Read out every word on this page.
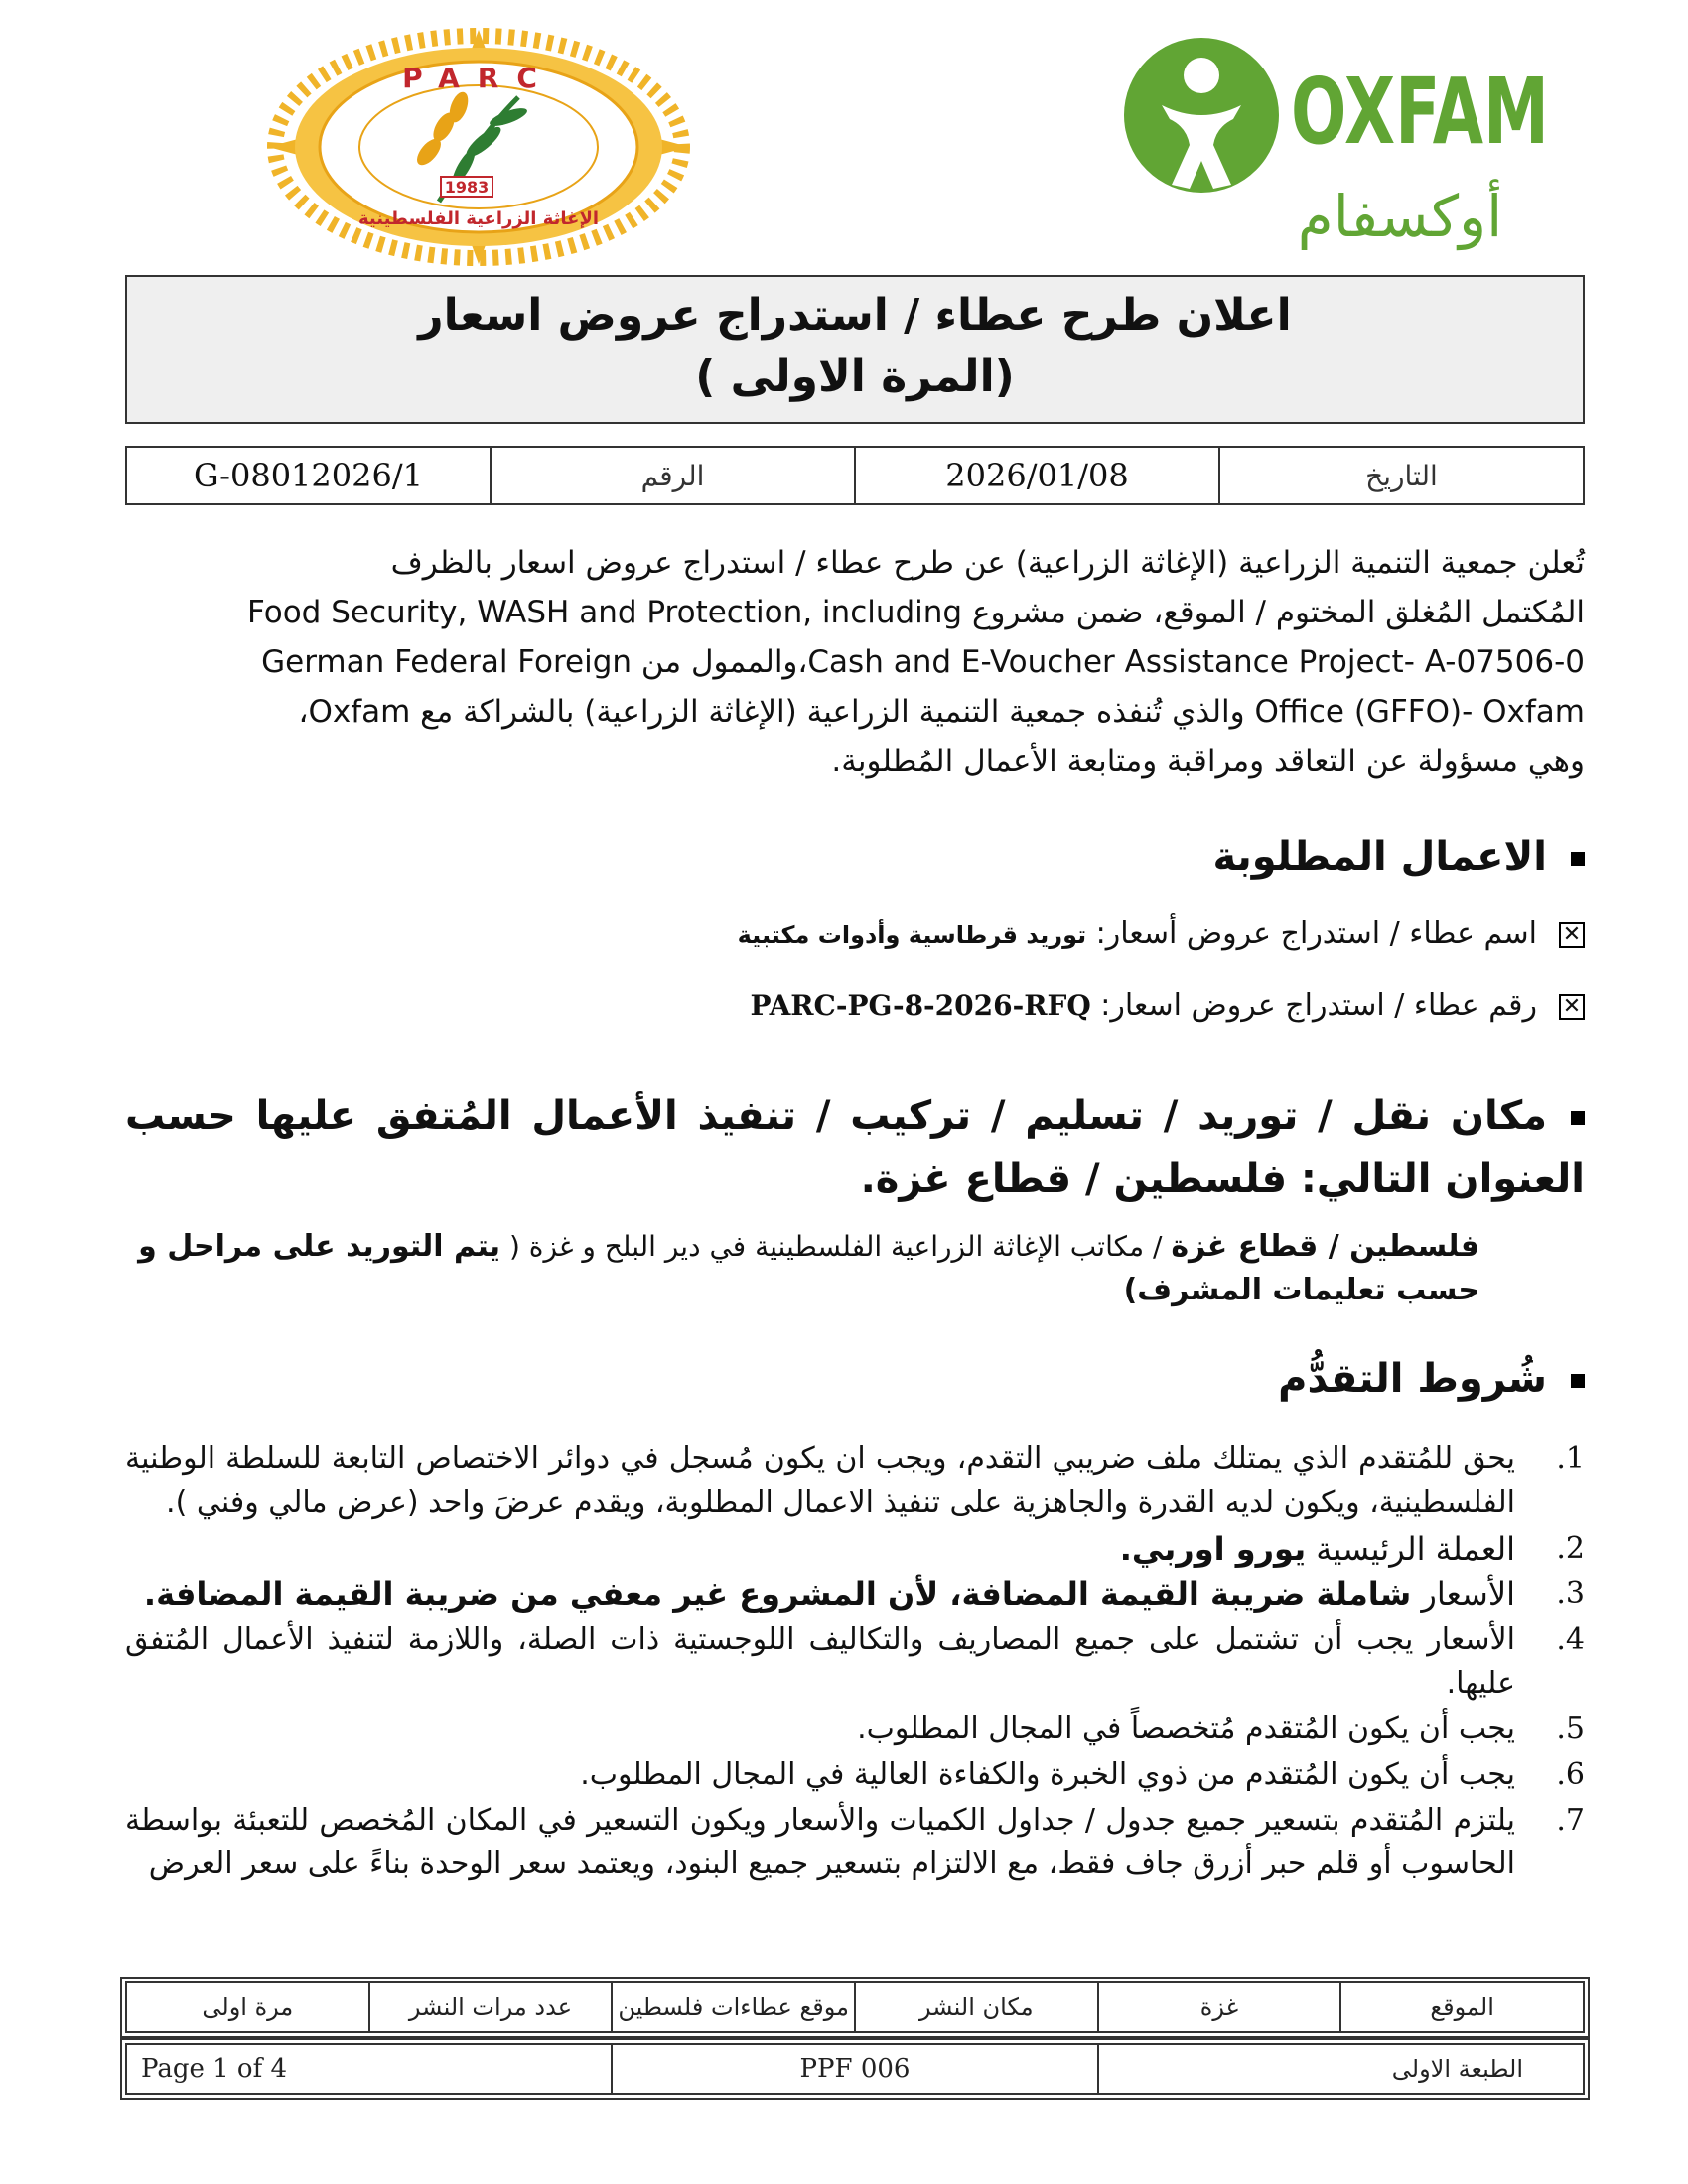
1983
PARC
الإغاثة الزراعية الفلسطينية
OXFAM
أوكسفام
اعلان طرح عطاء / استدراج عروض اسعار
(المرة الاولى )
G-08012026/1	الرقم	2026/01/08	التاريخ
تُعلن جمعية التنمية الزراعية (الإغاثة الزراعية) عن طرح عطاء / استدراج عروض اسعار بالظرف
المُكتمل المُغلق المختوم / الموقع، ضمن مشروع Food Security, WASH and Protection, including
Cash and E-Voucher Assistance Project- A-07506-0،والممول من German Federal Foreign
Office (GFFO)- Oxfam والذي تُنفذه جمعية التنمية الزراعية (الإغاثة الزراعية) بالشراكة مع Oxfam،
وهي مسؤولة عن التعاقد ومراقبة ومتابعة الأعمال المُطلوبة.
الاعمال المطلوبة
✕اسم عطاء / استدراج عروض أسعار: توريد قرطاسية وأدوات مكتبية
✕رقم عطاء / استدراج عروض اسعار: PARC-PG-8-2026-RFQ
مكان نقل / توريد / تسليم / تركيب / تنفيذ الأعمال المُتفق عليها حسب العنوان التالي: فلسطين / قطاع غزة.
فلسطين / قطاع غزة / مكاتب الإغاثة الزراعية الفلسطينية في دير البلح و غزة ( يتم التوريد على مراحل و حسب تعليمات المشرف)
شُروط التقدُّم
.1
يحق للمُتقدم الذي يمتلك ملف ضريبي التقدم، ويجب ان يكون مُسجل في دوائر الاختصاص التابعة للسلطة الوطنية الفلسطينية، ويكون لديه القدرة والجاهزية على تنفيذ الاعمال المطلوبة، ويقدم عرضَ واحد (عرض مالي وفني ).
.2
العملة الرئيسية يورو اوربي.
.3
الأسعار شاملة ضريبة القيمة المضافة، لأن المشروع غير معفي من ضريبة القيمة المضافة.
.4
الأسعار يجب أن تشتمل على جميع المصاريف والتكاليف اللوجستية ذات الصلة، واللازمة لتنفيذ الأعمال المُتفق عليها.
.5
يجب أن يكون المُتقدم مُتخصصاً في المجال المطلوب.
.6
يجب أن يكون المُتقدم من ذوي الخبرة والكفاءة العالية في المجال المطلوب.
.7
يلتزم المُتقدم بتسعير جميع جدول / جداول الكميات والأسعار ويكون التسعير في المكان المُخصص للتعبئة بواسطة الحاسوب أو قلم حبر أزرق جاف فقط، مع الالتزام بتسعير جميع البنود، ويعتمد سعر الوحدة بناءً على سعر العرض
مرة اولى	عدد مرات النشر	موقع عطاءات فلسطين	مكان النشر	غزة	الموقع
Page 1 of 4	PPF 006	الطبعة الاولى
